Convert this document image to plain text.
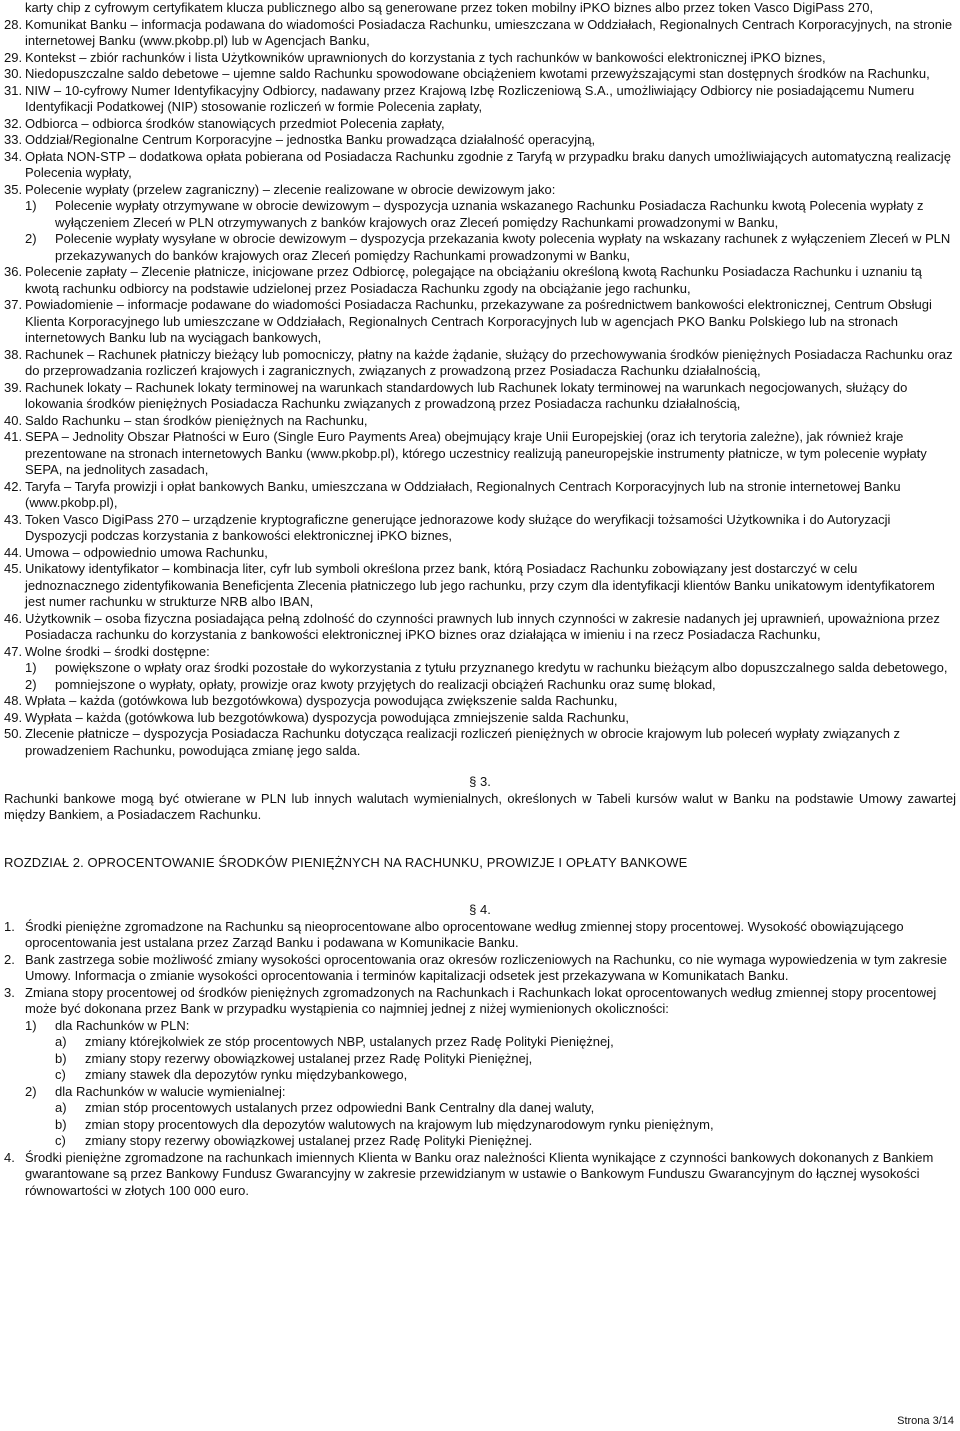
karty chip z cyfrowym certyfikatem klucza publicznego albo są generowane przez token mobilny iPKO biznes albo przez token Vasco DigiPass 270,
28. Komunikat Banku – informacja podawana do wiadomości Posiadacza Rachunku, umieszczana w Oddziałach, Regionalnych Centrach Korporacyjnych, na stronie internetowej Banku (www.pkobp.pl) lub w Agencjach Banku,
29. Kontekst – zbiór rachunków i lista Użytkowników uprawnionych do korzystania z tych rachunków w bankowości elektronicznej iPKO biznes,
30. Niedopuszczalne saldo debetowe – ujemne saldo Rachunku spowodowane obciążeniem kwotami przewyższającymi stan dostępnych środków na Rachunku,
31. NIW – 10-cyfrowy Numer Identyfikacyjny Odbiorcy, nadawany przez Krajową Izbę Rozliczeniową S.A., umożliwiający Odbiorcy nie posiadającemu Numeru Identyfikacji Podatkowej (NIP) stosowanie rozliczeń w formie Polecenia zapłaty,
32. Odbiorca – odbiorca środków stanowiących przedmiot Polecenia zapłaty,
33. Oddział/Regionalne Centrum Korporacyjne – jednostka Banku prowadząca działalność operacyjną,
34. Opłata NON-STP – dodatkowa opłata pobierana od Posiadacza Rachunku zgodnie z Taryfą w przypadku braku danych umożliwiających automatyczną realizację Polecenia wypłaty,
35. Polecenie wypłaty (przelew zagraniczny) – zlecenie realizowane w obrocie dewizowym jako:
1) Polecenie wypłaty otrzymywane w obrocie dewizowym – dyspozycja uznania wskazanego Rachunku Posiadacza Rachunku kwotą Polecenia wypłaty z wyłączeniem Zleceń w PLN otrzymywanych z banków krajowych oraz Zleceń pomiędzy Rachunkami prowadzonymi w Banku,
2) Polecenie wypłaty wysyłane w obrocie dewizowym – dyspozycja przekazania kwoty polecenia wypłaty na wskazany rachunek z wyłączeniem Zleceń w PLN przekazywanych do banków krajowych oraz Zleceń pomiędzy Rachunkami prowadzonymi w Banku,
36. Polecenie zapłaty – Zlecenie płatnicze, inicjowane przez Odbiorcę, polegające na obciążaniu określoną kwotą Rachunku Posiadacza Rachunku i uznaniu tą kwotą rachunku odbiorcy na podstawie udzielonej przez Posiadacza Rachunku zgody na obciążanie jego rachunku,
37. Powiadomienie – informacje podawane do wiadomości Posiadacza Rachunku, przekazywane za pośrednictwem bankowości elektronicznej, Centrum Obsługi Klienta Korporacyjnego lub umieszczane w Oddziałach, Regionalnych Centrach Korporacyjnych lub w agencjach PKO Banku Polskiego lub na stronach internetowych Banku lub na wyciągach bankowych,
38. Rachunek – Rachunek płatniczy bieżący lub pomocniczy, płatny na każde żądanie, służący do przechowywania środków pieniężnych Posiadacza Rachunku oraz do przeprowadzania rozliczeń krajowych i zagranicznych, związanych z prowadzoną przez Posiadacza Rachunku działalnością,
39. Rachunek lokaty – Rachunek lokaty terminowej na warunkach standardowych lub Rachunek lokaty terminowej na warunkach negocjowanych, służący do lokowania środków pieniężnych Posiadacza Rachunku związanych z prowadzoną przez Posiadacza rachunku działalnością,
40. Saldo Rachunku – stan środków pieniężnych na Rachunku,
41. SEPA – Jednolity Obszar Płatności w Euro (Single Euro Payments Area) obejmujący kraje Unii Europejskiej (oraz ich terytoria zależne), jak również kraje prezentowane na stronach internetowych Banku (www.pkobp.pl), którego uczestnicy realizują paneuropejskie instrumenty płatnicze, w tym polecenie wypłaty SEPA, na jednolitych zasadach,
42. Taryfa – Taryfa prowizji i opłat bankowych Banku, umieszczana w Oddziałach, Regionalnych Centrach Korporacyjnych lub na stronie internetowej Banku (www.pkobp.pl),
43. Token Vasco DigiPass 270 – urządzenie kryptograficzne generujące jednorazowe kody służące do weryfikacji tożsamości Użytkownika i do Autoryzacji Dyspozycji podczas korzystania z bankowości elektronicznej iPKO biznes,
44. Umowa – odpowiednio umowa Rachunku,
45. Unikatowy identyfikator – kombinacja liter, cyfr lub symboli określona przez bank, którą Posiadacz Rachunku zobowiązany jest dostarczyć w celu jednoznacznego zidentyfikowania Beneficjenta Zlecenia płatniczego lub jego rachunku, przy czym dla identyfikacji klientów Banku unikatowym identyfikatorem jest numer rachunku w strukturze NRB albo IBAN,
46. Użytkownik – osoba fizyczna posiadająca pełną zdolność do czynności prawnych lub innych czynności w zakresie nadanych jej uprawnień, upoważniona przez Posiadacza rachunku do korzystania z bankowości elektronicznej iPKO biznes oraz działająca w imieniu i na rzecz Posiadacza Rachunku,
47. Wolne środki – środki dostępne:
1) powiększone o wpłaty oraz środki pozostałe do wykorzystania z tytułu przyznanego kredytu w rachunku bieżącym albo dopuszczalnego salda debetowego,
2) pomniejszone o wypłaty, opłaty, prowizje oraz kwoty przyjętych do realizacji obciążeń Rachunku oraz sumę blokad,
48. Wpłata – każda (gotówkowa lub bezgotówkowa) dyspozycja powodująca zwiększenie salda Rachunku,
49. Wypłata – każda (gotówkowa lub bezgotówkowa) dyspozycja powodująca zmniejszenie salda Rachunku,
50. Zlecenie płatnicze – dyspozycja Posiadacza Rachunku dotycząca realizacji rozliczeń pieniężnych w obrocie krajowym lub poleceń wypłaty związanych z prowadzeniem Rachunku, powodująca zmianę jego salda.
§ 3.
Rachunki bankowe mogą być otwierane w PLN lub innych walutach wymienialnych, określonych w Tabeli kursów walut w Banku na podstawie Umowy zawartej między Bankiem, a Posiadaczem Rachunku.
ROZDZIAŁ 2. OPROCENTOWANIE ŚRODKÓW PIENIĘŻNYCH NA RACHUNKU, PROWIZJE I OPŁATY BANKOWE
§ 4.
1. Środki pieniężne zgromadzone na Rachunku są nieoprocentowane albo oprocentowane według zmiennej stopy procentowej. Wysokość obowiązującego oprocentowania jest ustalana przez Zarząd Banku i podawana w Komunikacie Banku.
2. Bank zastrzega sobie możliwość zmiany wysokości oprocentowania oraz okresów rozliczeniowych na Rachunku, co nie wymaga wypowiedzenia w tym zakresie Umowy. Informacja o zmianie wysokości oprocentowania i terminów kapitalizacji odsetek jest przekazywana w Komunikatach Banku.
3. Zmiana stopy procentowej od środków pieniężnych zgromadzonych na Rachunkach i Rachunkach lokat oprocentowanych według zmiennej stopy procentowej może być dokonana przez Bank w przypadku wystąpienia co najmniej jednej z niżej wymienionych okoliczności:
1) dla Rachunków w PLN:
a) zmiany którejkolwiek ze stóp procentowych NBP, ustalanych przez Radę Polityki Pieniężnej,
b) zmiany stopy rezerwy obowiązkowej ustalanej przez Radę Polityki Pieniężnej,
c) zmiany stawek dla depozytów rynku międzybankowego,
2) dla Rachunków w walucie wymienialnej:
a) zmian stóp procentowych ustalanych przez odpowiedni Bank Centralny dla danej waluty,
b) zmian stopy procentowych dla depozytów walutowych na krajowym lub międzynarodowym rynku pieniężnym,
c) zmiany stopy rezerwy obowiązkowej ustalanej przez Radę Polityki Pieniężnej.
4. Środki pieniężne zgromadzone na rachunkach imiennych Klienta w Banku oraz należności Klienta wynikające z czynności bankowych dokonanych z Bankiem gwarantowane są przez Bankowy Fundusz Gwarancyjny w zakresie przewidzianym w ustawie o Bankowym Funduszu Gwarancyjnym do łącznej wysokości równowartości w złotych 100 000 euro.
Strona 3/14
